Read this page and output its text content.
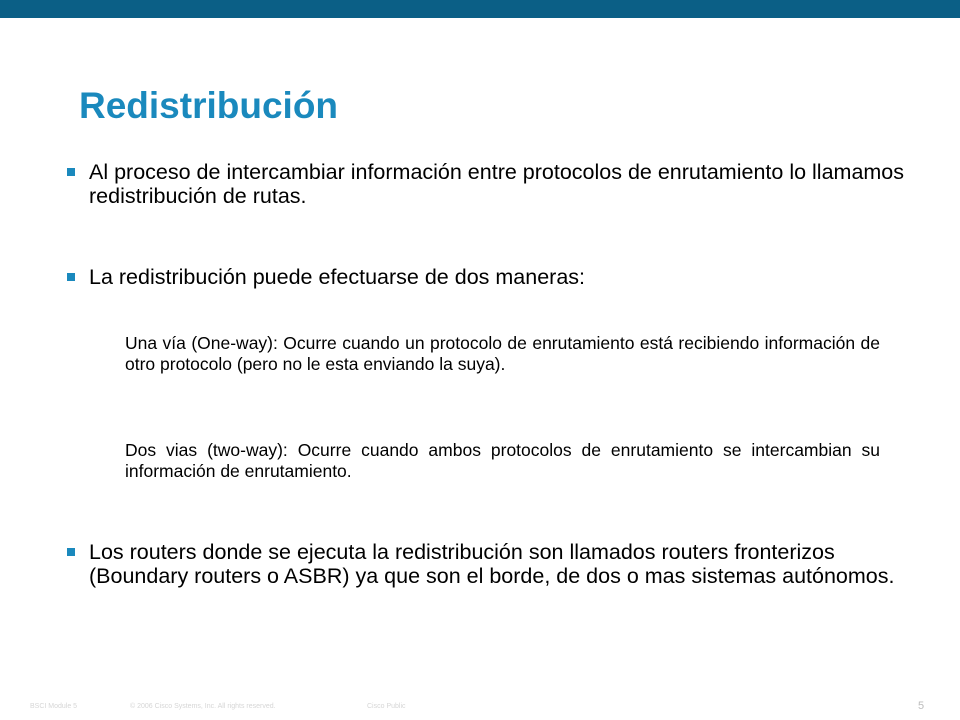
Redistribución
Al proceso de intercambiar información entre protocolos de enrutamiento lo llamamos redistribución de rutas.
La redistribución puede efectuarse de dos maneras:
Una vía (One-way): Ocurre cuando un protocolo de enrutamiento está recibiendo información de otro protocolo (pero no le esta enviando la suya).
Dos vias (two-way): Ocurre cuando ambos protocolos de enrutamiento se intercambian su información de enrutamiento.
Los routers donde se ejecuta la redistribución son llamados routers fronterizos (Boundary routers o ASBR) ya que son el borde, de dos o mas sistemas autónomos.
BSCI Module 5	© 2006 Cisco Systems, Inc. All rights reserved.	Cisco Public	5
